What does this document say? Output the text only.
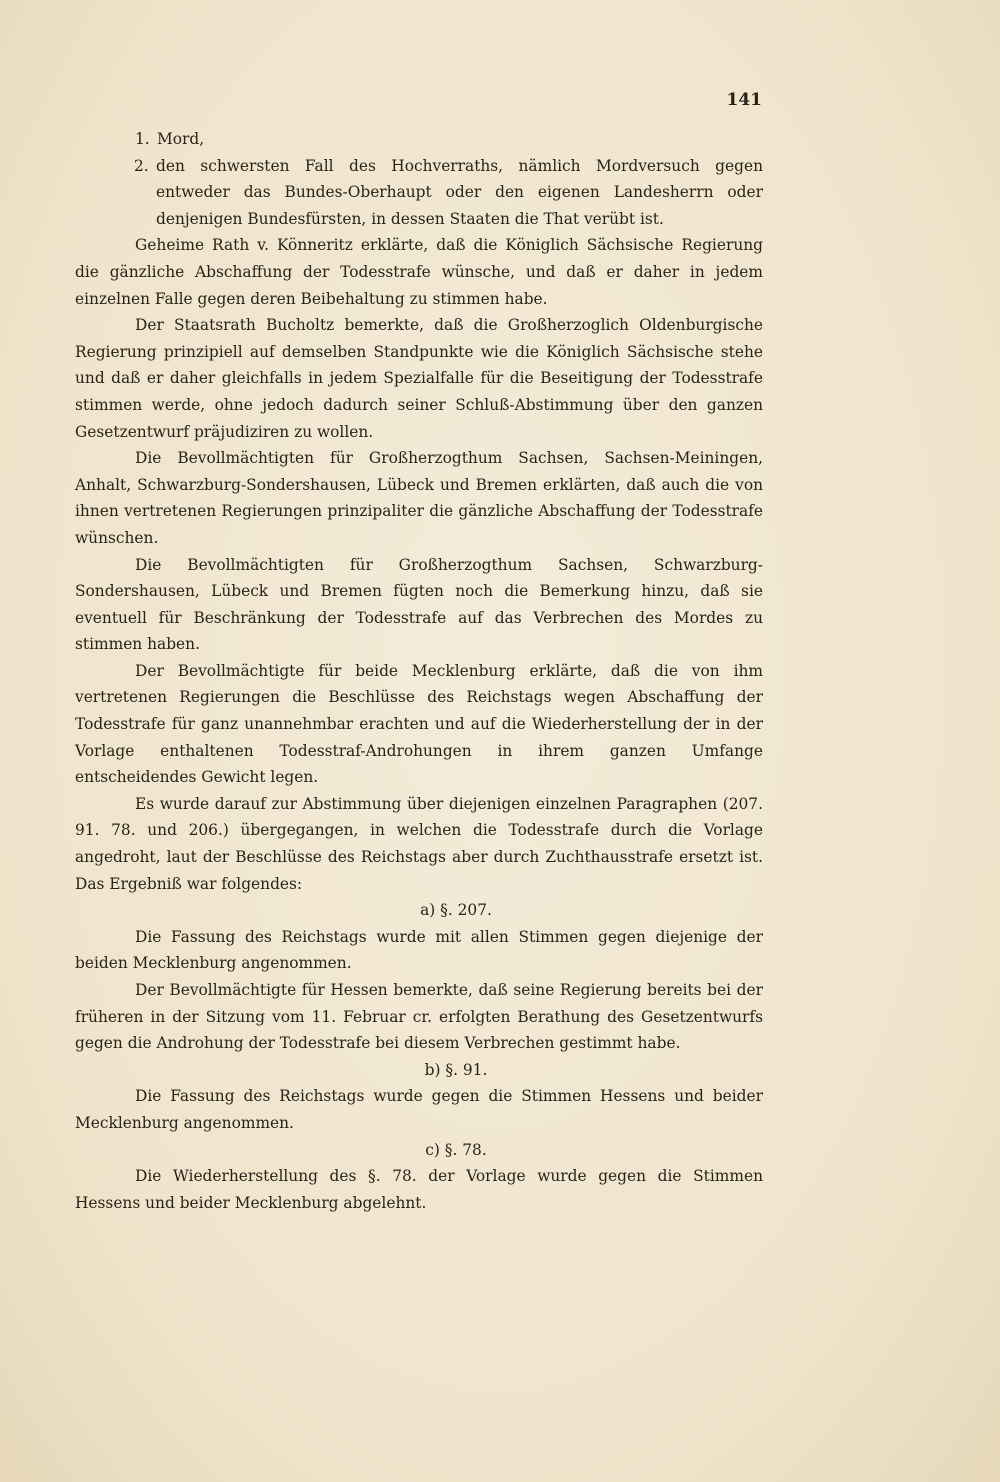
141
1. Mord,
2. den schwersten Fall des Hochverraths, nämlich Mordversuch gegen entweder das Bundes-Oberhaupt oder den eigenen Landesherrn oder denjenigen Bundesfürsten, in dessen Staaten die That verübt ist.

Geheime Rath v. Könneritz erklärte, daß die Königlich Sächsische Regierung die gänzliche Abschaffung der Todesstrafe wünsche, und daß er daher in jedem einzelnen Falle gegen deren Beibehaltung zu stimmen habe.

Der Staatsrath Bucholtz bemerkte, daß die Großherzoglich Oldenburgische Regierung prinzipiell auf demselben Standpunkte wie die Königlich Sächsische stehe und daß er daher gleichfalls in jedem Spezialfalle für die Beseitigung der Todesstrafe stimmen werde, ohne jedoch dadurch seiner Schluß-Abstimmung über den ganzen Gesetzentwurf präjudiziren zu wollen.

Die Bevollmächtigten für Großherzogthum Sachsen, Sachsen-Meiningen, Anhalt, Schwarzburg-Sondershausen, Lübeck und Bremen erklärten, daß auch die von ihnen vertretenen Regierungen prinzipaliter die gänzliche Abschaffung der Todesstrafe wünschen.

Die Bevollmächtigten für Großherzogthum Sachsen, Schwarzburg-Sondershausen, Lübeck und Bremen fügten noch die Bemerkung hinzu, daß sie eventuell für Beschränkung der Todesstrafe auf das Verbrechen des Mordes zu stimmen haben.

Der Bevollmächtigte für beide Mecklenburg erklärte, daß die von ihm vertretenen Regierungen die Beschlüsse des Reichstags wegen Abschaffung der Todesstrafe für ganz unannehmbar erachten und auf die Wiederherstellung der in der Vorlage enthaltenen Todesstraf-Androhungen in ihrem ganzen Umfange entscheidendes Gewicht legen.

Es wurde darauf zur Abstimmung über diejenigen einzelnen Paragraphen (207. 91. 78. und 206.) übergegangen, in welchen die Todesstrafe durch die Vorlage angedroht, laut der Beschlüsse des Reichstags aber durch Zuchthausstrafe ersetzt ist. Das Ergebniß war folgendes:

a) §. 207.

Die Fassung des Reichstags wurde mit allen Stimmen gegen diejenige der beiden Mecklenburg angenommen.

Der Bevollmächtigte für Hessen bemerkte, daß seine Regierung bereits bei der früheren in der Sitzung vom 11. Februar cr. erfolgten Berathung des Gesetzentwurfs gegen die Androhung der Todesstrafe bei diesem Verbrechen gestimmt habe.

b) §. 91.

Die Fassung des Reichstags wurde gegen die Stimmen Hessens und beider Mecklenburg angenommen.

c) §. 78.

Die Wiederherstellung des §. 78. der Vorlage wurde gegen die Stimmen Hessens und beider Mecklenburg abgelehnt.
